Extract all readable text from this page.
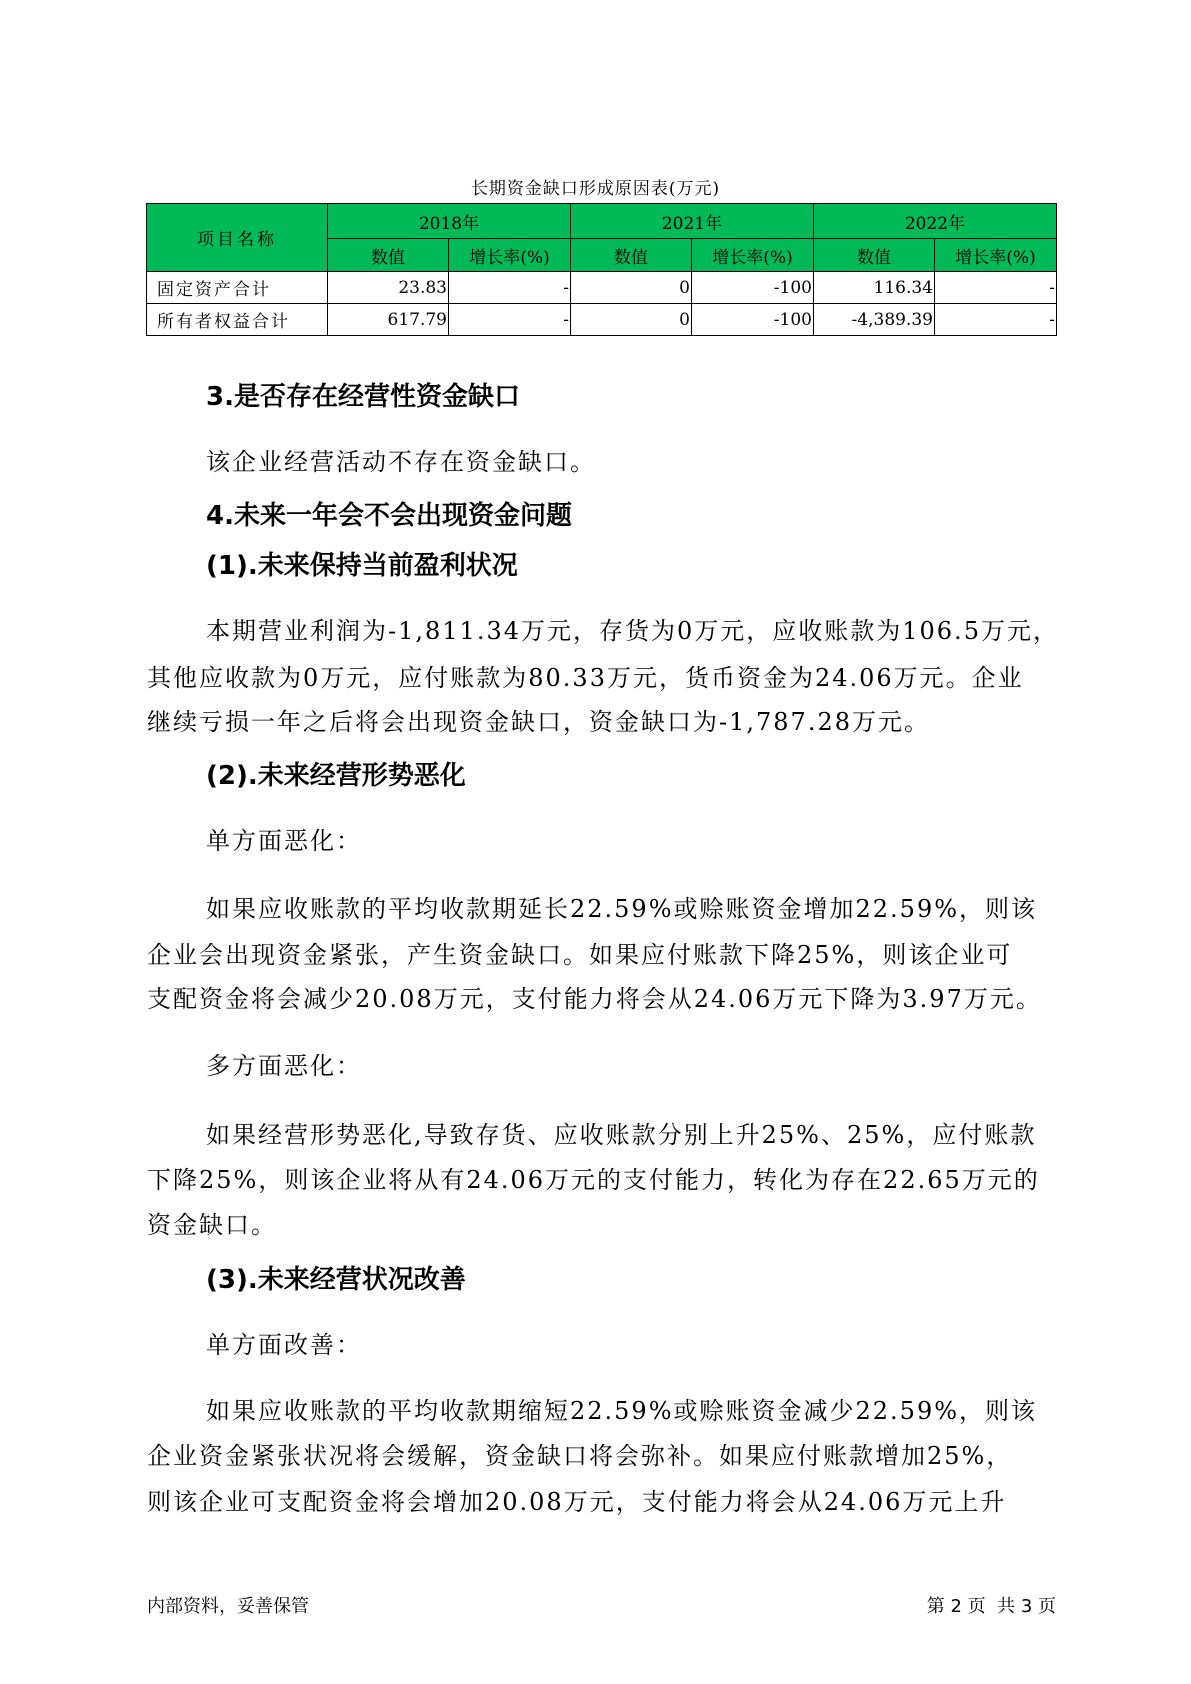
长期资金缺口形成原因表(万元)
项目名称	2018年		2021年		2022年	
	数值	增长率(%)	数值	增长率(%)	数值	增长率(%)
固定资产合计	23.83	-	0	-100	116.34	-
所有者权益合计	617.79	-	0	-100	-4,389.39	-
3.是否存在经营性资金缺口
该企业经营活动不存在资金缺口。
4.未来一年会不会出现资金问题
(1).未来保持当前盈利状况
本期营业利润为-1,811.34万元，存货为0万元，应收账款为106.5万元，
其他应收款为0万元，应付账款为80.33万元，货币资金为24.06万元。企业
继续亏损一年之后将会出现资金缺口，资金缺口为-1,787.28万元。
(2).未来经营形势恶化
单方面恶化：
如果应收账款的平均收款期延长22.59%或赊账资金增加22.59%，则该
企业会出现资金紧张，产生资金缺口。如果应付账款下降25%，则该企业可
支配资金将会减少20.08万元，支付能力将会从24.06万元下降为3.97万元。
多方面恶化：
如果经营形势恶化,导致存货、应收账款分别上升25%、25%，应付账款
下降25%，则该企业将从有24.06万元的支付能力，转化为存在22.65万元的
资金缺口。
(3).未来经营状况改善
单方面改善：
如果应收账款的平均收款期缩短22.59%或赊账资金减少22.59%，则该
企业资金紧张状况将会缓解，资金缺口将会弥补。如果应付账款增加25%，
则该企业可支配资金将会增加20.08万元，支付能力将会从24.06万元上升
内部资料，妥善保管	第 2 页  共 3 页
